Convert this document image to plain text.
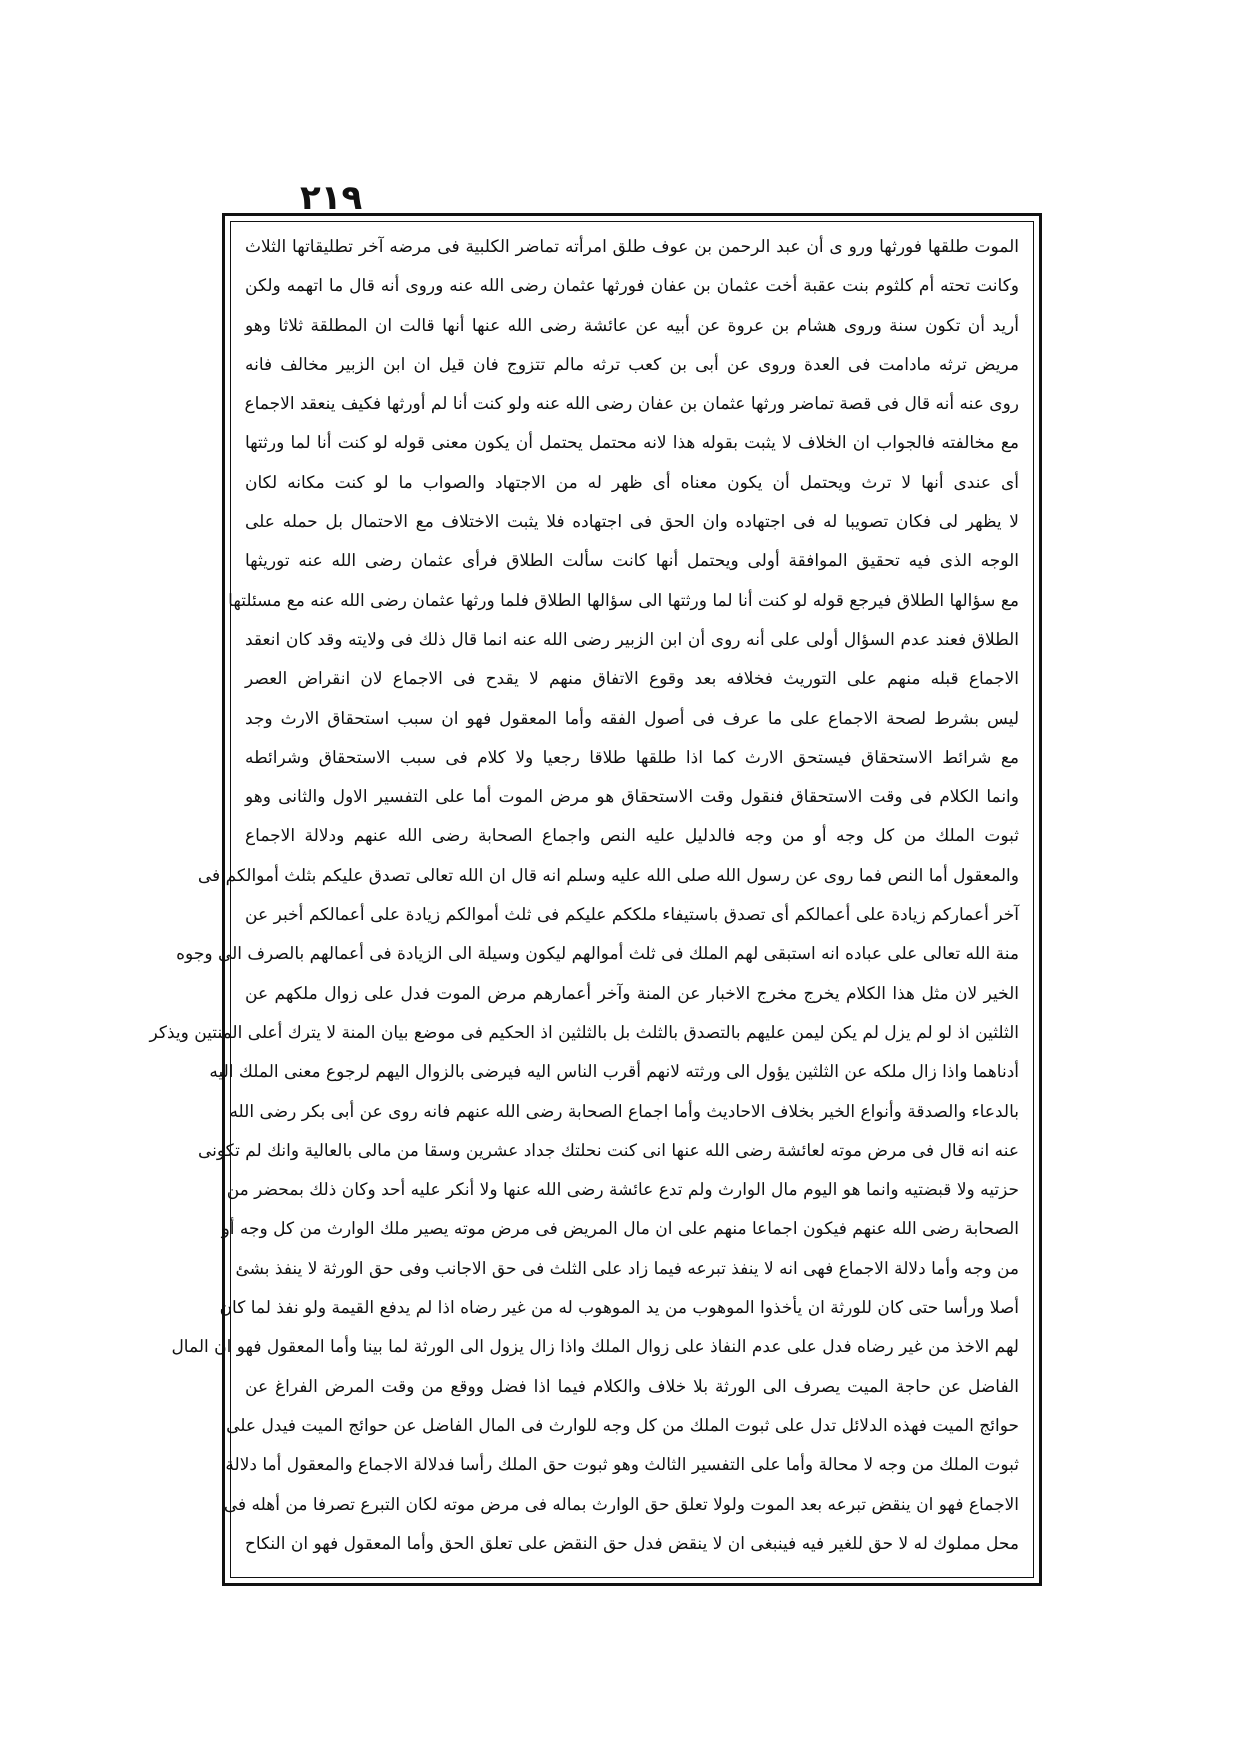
٢١٩
الموت طلقها فورثها ورو ى أن عبد الرحمن بن عوف طلق امرأته تماضر الكلبية فى مرضه آخر تطليقاتها الثلاث
وكانت تحته أم كلثوم بنت عقبة أخت عثمان بن عفان فورثها عثمان رضى الله عنه وروى أنه قال ما اتهمه ولكن
أريد أن تكون سنة وروى هشام بن عروة عن أبيه عن عائشة رضى الله عنها أنها قالت ان المطلقة ثلاثا وهو
مريض ترثه مادامت فى العدة وروى عن أبى بن كعب ترثه مالم تتزوج فان قيل ان ابن الزبير مخالف فانه
روى عنه أنه قال فى قصة تماضر ورثها عثمان بن عفان رضى الله عنه ولو كنت أنا لم أورثها فكيف ينعقد الاجماع
مع مخالفته فالجواب ان الخلاف لا يثبت بقوله هذا لانه محتمل يحتمل أن يكون معنى قوله لو كنت أنا لما ورثتها
أى عندى أنها لا ترث ويحتمل أن يكون معناه أى ظهر له من الاجتهاد والصواب ما لو كنت مكانه لكان
لا يظهر لى فكان تصويبا له فى اجتهاده وان الحق فى اجتهاده فلا يثبت الاختلاف مع الاحتمال بل حمله على
الوجه الذى فيه تحقيق الموافقة أولى ويحتمل أنها كانت سألت الطلاق فرأى عثمان رضى الله عنه توريثها
مع سؤالها الطلاق فيرجع قوله لو كنت أنا لما ورثتها الى سؤالها الطلاق فلما ورثها عثمان رضى الله عنه مع مسئلتها
الطلاق فعند عدم السؤال أولى على أنه روى أن ابن الزبير رضى الله عنه انما قال ذلك فى ولايته وقد كان انعقد
الاجماع قبله منهم على التوريث فخلافه بعد وقوع الاتفاق منهم لا يقدح فى الاجماع لان انقراض العصر
ليس بشرط لصحة الاجماع على ما عرف فى أصول الفقه وأما المعقول فهو ان سبب استحقاق الارث وجد
مع شرائط الاستحقاق فيستحق الارث كما اذا طلقها طلاقا رجعيا ولا كلام فى سبب الاستحقاق وشرائطه
وانما الكلام فى وقت الاستحقاق فنقول وقت الاستحقاق هو مرض الموت أما على التفسير الاول والثانى وهو
ثبوت الملك من كل وجه أو من وجه فالدليل عليه النص واجماع الصحابة رضى الله عنهم ودلالة الاجماع
والمعقول أما النص فما روى عن رسول الله صلى الله عليه وسلم انه قال ان الله تعالى تصدق عليكم بثلث أموالكم فى
آخر أعماركم زيادة على أعمالكم أى تصدق باستيفاء ملككم عليكم فى ثلث أموالكم زيادة على أعمالكم أخبر عن
منة الله تعالى على عباده انه استبقى لهم الملك فى ثلث أموالهم ليكون وسيلة الى الزيادة فى أعمالهم بالصرف الى وجوه
الخير لان مثل هذا الكلام يخرج مخرج الاخبار عن المنة وآخر أعمارهم مرض الموت فدل على زوال ملكهم عن
الثلثين اذ لو لم يزل لم يكن ليمن عليهم بالتصدق بالثلث بل بالثلثين اذ الحكيم فى موضع بيان المنة لا يترك أعلى المنتين ويذكر
أدناهما واذا زال ملكه عن الثلثين يؤول الى ورثته لانهم أقرب الناس اليه فيرضى بالزوال اليهم لرجوع معنى الملك اليه
بالدعاء والصدقة وأنواع الخير بخلاف الاحاديث وأما اجماع الصحابة رضى الله عنهم فانه روى عن أبى بكر رضى الله
عنه انه قال فى مرض موته لعائشة رضى الله عنها انى كنت نحلتك جداد عشرين وسقا من مالى بالعالية وانك لم تكونى
حزتيه ولا قبضتيه وانما هو اليوم مال الوارث ولم تدع عائشة رضى الله عنها ولا أنكر عليه أحد وكان ذلك بمحضر من
الصحابة رضى الله عنهم فيكون اجماعا منهم على ان مال المريض فى مرض موته يصير ملك الوارث من كل وجه أو
من وجه وأما دلالة الاجماع فهى انه لا ينفذ تبرعه فيما زاد على الثلث فى حق الاجانب وفى حق الورثة لا ينفذ بشئ
أصلا ورأسا حتى كان للورثة ان يأخذوا الموهوب من يد الموهوب له من غير رضاه اذا لم يدفع القيمة ولو نفذ لما كان
لهم الاخذ من غير رضاه فدل على عدم النفاذ على زوال الملك واذا زال يزول الى الورثة لما بينا وأما المعقول فهو ان المال
الفاضل عن حاجة الميت يصرف الى الورثة بلا خلاف والكلام فيما اذا فضل ووقع من وقت المرض الفراغ عن
حوائج الميت فهذه الدلائل تدل على ثبوت الملك من كل وجه للوارث فى المال الفاضل عن حوائج الميت فيدل على
ثبوت الملك من وجه لا محالة وأما على التفسير الثالث وهو ثبوت حق الملك رأسا فدلالة الاجماع والمعقول أما دلالة
الاجماع فهو ان ينقض تبرعه بعد الموت ولولا تعلق حق الوارث بماله فى مرض موته لكان التبرع تصرفا من أهله فى
محل مملوك له لا حق للغير فيه فينبغى ان لا ينقض فدل حق النقض على تعلق الحق وأما المعقول فهو ان النكاح
